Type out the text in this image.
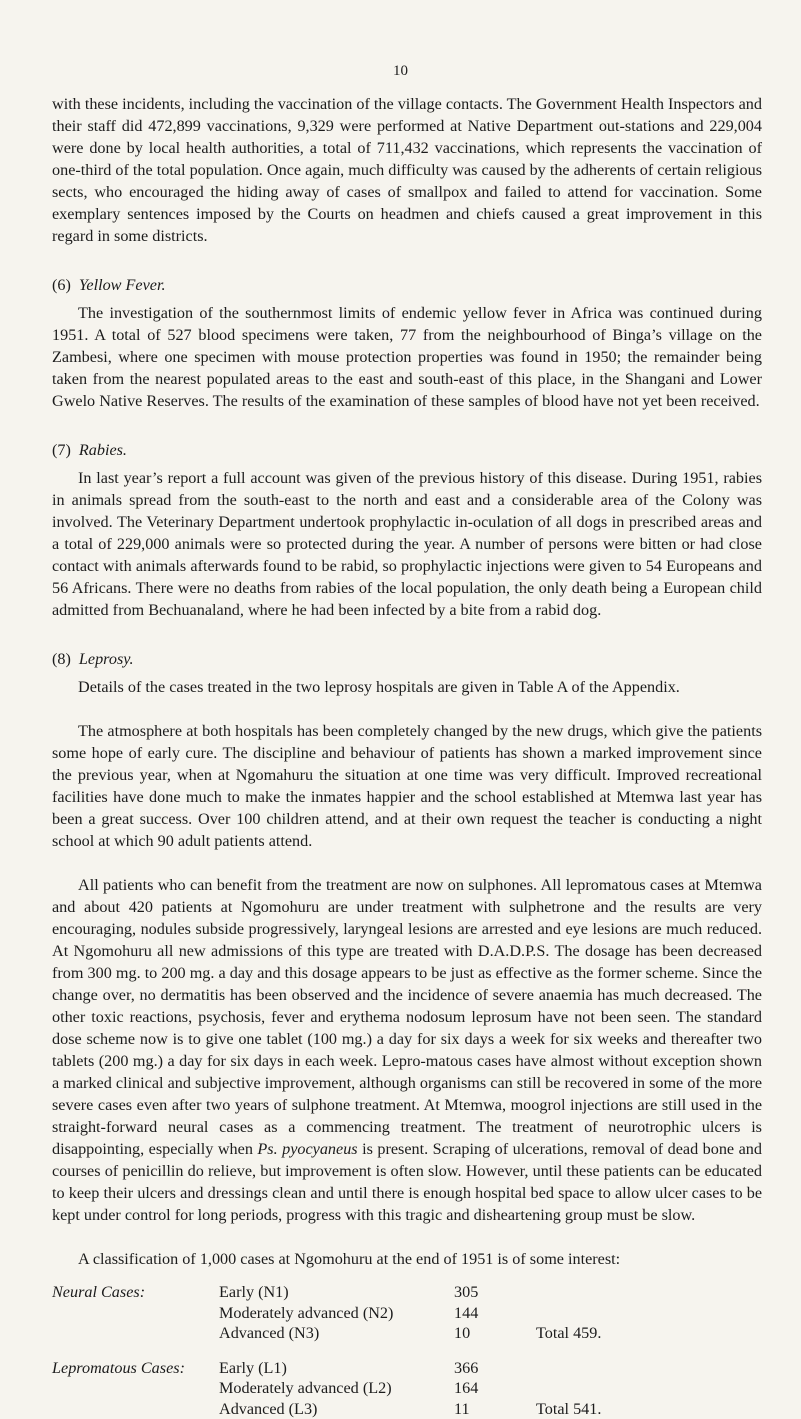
10

with these incidents, including the vaccination of the village contacts. The Government Health Inspectors and their staff did 472,899 vaccinations, 9,329 were performed at Native Department out-stations and 229,004 were done by local health authorities, a total of 711,432 vaccinations, which represents the vaccination of one-third of the total population. Once again, much difficulty was caused by the adherents of certain religious sects, who encouraged the hiding away of cases of smallpox and failed to attend for vaccination. Some exemplary sentences imposed by the Courts on headmen and chiefs caused a great improvement in this regard in some districts.

(6) Yellow Fever.

The investigation of the southernmost limits of endemic yellow fever in Africa was continued during 1951. A total of 527 blood specimens were taken, 77 from the neighbourhood of Binga’s village on the Zambesi, where one specimen with mouse protection properties was found in 1950; the remainder being taken from the nearest populated areas to the east and south-east of this place, in the Shangani and Lower Gwelo Native Reserves. The results of the examination of these samples of blood have not yet been received.

(7) Rabies.

In last year’s report a full account was given of the previous history of this disease. During 1951, rabies in animals spread from the south-east to the north and east and a considerable area of the Colony was involved. The Veterinary Department undertook prophylactic in-oculation of all dogs in prescribed areas and a total of 229,000 animals were so protected during the year. A number of persons were bitten or had close contact with animals afterwards found to be rabid, so prophylactic injections were given to 54 Europeans and 56 Africans. There were no deaths from rabies of the local population, the only death being a European child admitted from Bechuanaland, where he had been infected by a bite from a rabid dog.

(8) Leprosy.

Details of the cases treated in the two leprosy hospitals are given in Table A of the Appendix.

The atmosphere at both hospitals has been completely changed by the new drugs, which give the patients some hope of early cure. The discipline and behaviour of patients has shown a marked improvement since the previous year, when at Ngomahuru the situation at one time was very difficult. Improved recreational facilities have done much to make the inmates happier and the school established at Mtemwa last year has been a great success. Over 100 children attend, and at their own request the teacher is conducting a night school at which 90 adult patients attend.

All patients who can benefit from the treatment are now on sulphones. All lepromatous cases at Mtemwa and about 420 patients at Ngomohuru are under treatment with sulphetrone and the results are very encouraging, nodules subside progressively, laryngeal lesions are arrested and eye lesions are much reduced. At Ngomohuru all new admissions of this type are treated with D.A.D.P.S. The dosage has been decreased from 300 mg. to 200 mg. a day and this dosage appears to be just as effective as the former scheme. Since the change over, no dermatitis has been observed and the incidence of severe anaemia has much decreased. The other toxic reactions, psychosis, fever and erythema nodosum leprosum have not been seen. The standard dose scheme now is to give one tablet (100 mg.) a day for six days a week for six weeks and thereafter two tablets (200 mg.) a day for six days in each week. Lepro-matous cases have almost without exception shown a marked clinical and subjective improvement, although organisms can still be recovered in some of the more severe cases even after two years of sulphone treatment. At Mtemwa, moogrol injections are still used in the straight-forward neural cases as a commencing treatment. The treatment of neurotrophic ulcers is disappointing, especially when Ps. pyocyaneus is present. Scraping of ulcerations, removal of dead bone and courses of penicillin do relieve, but improvement is often slow. However, until these patients can be educated to keep their ulcers and dressings clean and until there is enough hospital bed space to allow ulcer cases to be kept under control for long periods, progress with this tragic and disheartening group must be slow.

A classification of 1,000 cases at Ngomohuru at the end of 1951 is of some interest:

Neural Cases:	Early (N1)	305	
	Moderately advanced (N2)	144	
	Advanced (N3)	10	Total 459.

Lepromatous Cases:	Early (L1)	366	
	Moderately advanced (L2)	164	
	Advanced (L3)	11	Total 541.
